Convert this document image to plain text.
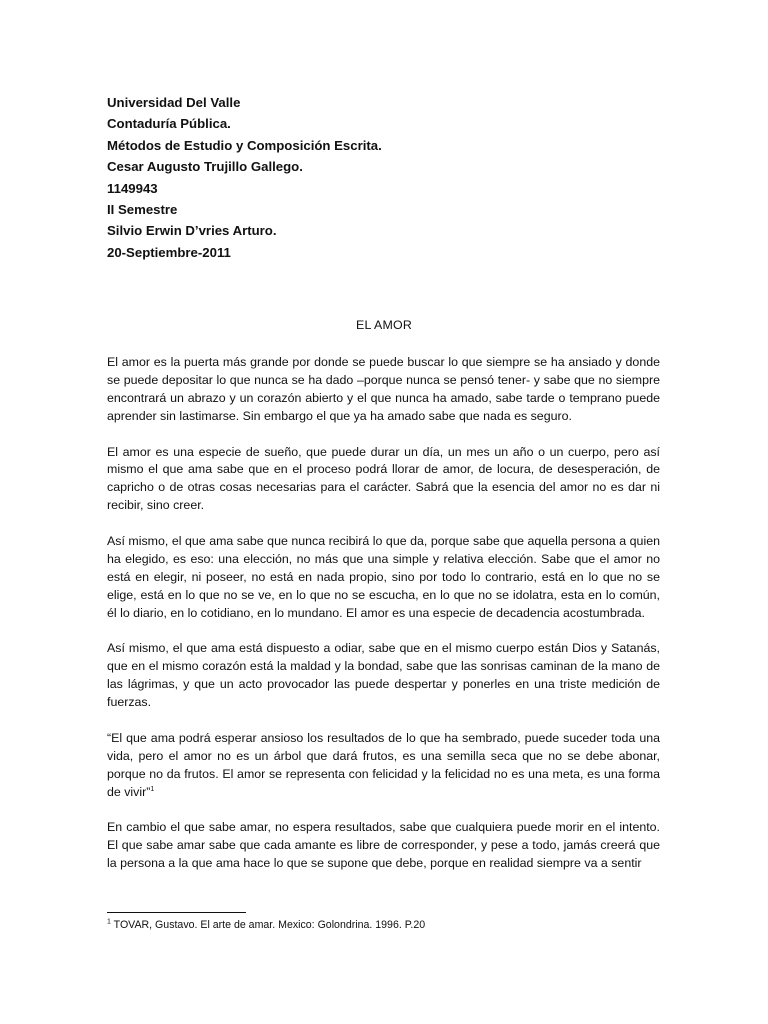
Universidad Del Valle
Contaduría Pública.
Métodos de Estudio y Composición Escrita.
Cesar Augusto Trujillo Gallego.
1149943
II Semestre
Silvio Erwin D’vries Arturo.
20-Septiembre-2011
EL AMOR

El amor es la puerta más grande por donde se puede buscar lo que siempre se ha ansiado y donde se puede depositar lo que nunca se ha dado –porque nunca se pensó tener- y sabe que no siempre encontrará un abrazo y un corazón abierto y el que nunca ha amado, sabe tarde o temprano puede aprender sin lastimarse. Sin embargo el que ya ha amado sabe que nada es seguro.

El amor es una especie de sueño, que puede durar un día, un mes un año o un cuerpo, pero así mismo el que ama sabe que en el proceso podrá llorar de amor, de locura, de desesperación, de capricho o de otras cosas necesarias para el carácter. Sabrá que la esencia del amor no es dar ni recibir, sino creer.

Así mismo, el que ama sabe que nunca recibirá lo que da, porque sabe que aquella persona a quien ha elegido, es eso: una elección, no más que una simple y relativa elección. Sabe que el amor no está en elegir, ni poseer, no está en nada propio, sino por todo lo contrario, está en lo que no se elige, está en lo que no se ve, en lo que no se escucha, en lo que no se idolatra, esta en lo común, él lo diario, en lo cotidiano, en lo mundano. El amor es una especie de decadencia acostumbrada.

Así mismo, el que ama está dispuesto a odiar, sabe que en el mismo cuerpo están Dios y Satanás, que en el mismo corazón está la maldad y la bondad, sabe que las sonrisas caminan de la mano de las lágrimas, y que un acto provocador las puede despertar y ponerles en una triste medición de fuerzas.

“El que ama podrá esperar ansioso los resultados de lo que ha sembrado, puede suceder toda una vida, pero el amor no es un árbol que dará frutos, es una semilla seca que no se debe abonar, porque no da frutos. El amor se representa con felicidad y la felicidad no es una meta, es una forma de vivir”$^1$

En cambio el que sabe amar, no espera resultados, sabe que cualquiera puede morir en el intento. El que sabe amar sabe que cada amante es libre de corresponder, y pese a todo, jamás creerá que la persona a la que ama hace lo que se supone que debe, porque en realidad siempre va a sentir

$^1$ TOVAR, Gustavo. El arte de amar. Mexico: Golondrina. 1996. P.20
